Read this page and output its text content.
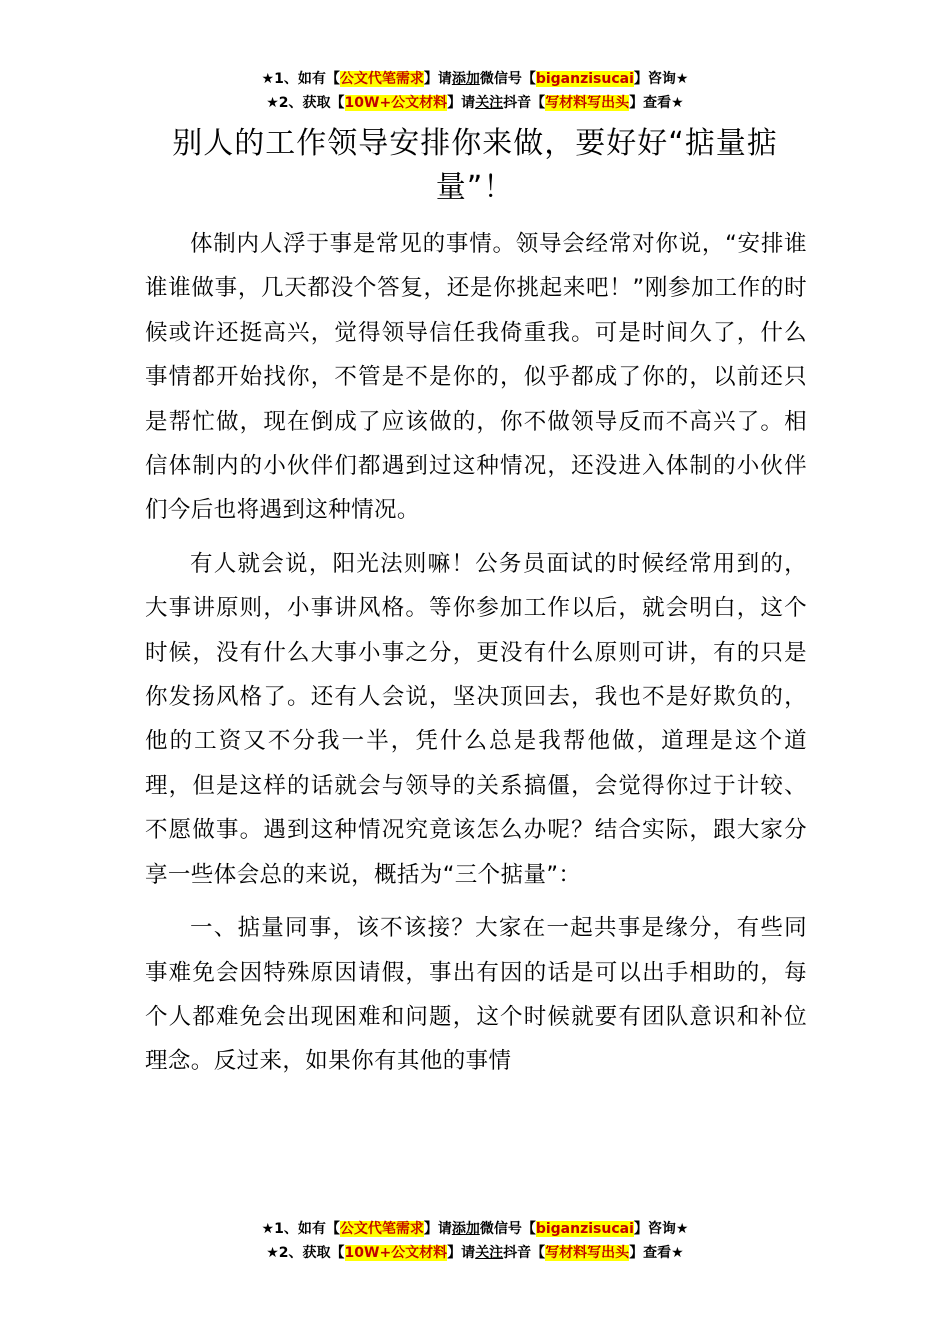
★1、如有【公文代笔需求】请添加微信号【biganzisucai】咨询★
★2、获取【10W+公文材料】请关注抖音【写材料写出头】查看★
别人的工作领导安排你来做，要好好“掂量掂量”！

体制内人浮于事是常见的事情。领导会经常对你说，“安排谁谁谁做事，几天都没个答复，还是你挑起来吧！”刚参加工作的时候或许还挺高兴，觉得领导信任我倚重我。可是时间久了，什么事情都开始找你，不管是不是你的，似乎都成了你的，以前还只是帮忙做，现在倒成了应该做的，你不做领导反而不高兴了。相信体制内的小伙伴们都遇到过这种情况，还没进入体制的小伙伴们今后也将遇到这种情况。

有人就会说，阳光法则嘛！公务员面试的时候经常用到的，大事讲原则，小事讲风格。等你参加工作以后，就会明白，这个时候，没有什么大事小事之分，更没有什么原则可讲，有的只是你发扬风格了。还有人会说，坚决顶回去，我也不是好欺负的，他的工资又不分我一半，凭什么总是我帮他做，道理是这个道理，但是这样的话就会与领导的关系搞僵，会觉得你过于计较、不愿做事。遇到这种情况究竟该怎么办呢？结合实际，跟大家分享一些体会总的来说，概括为“三个掂量”：

一、掂量同事，该不该接？大家在一起共事是缘分，有些同事难免会因特殊原因请假，事出有因的话是可以出手相助的，每个人都难免会出现困难和问题，这个时候就要有团队意识和补位理念。反过来，如果你有其他的事情

★1、如有【公文代笔需求】请添加微信号【biganzisucai】咨询★
★2、获取【10W+公文材料】请关注抖音【写材料写出头】查看★
